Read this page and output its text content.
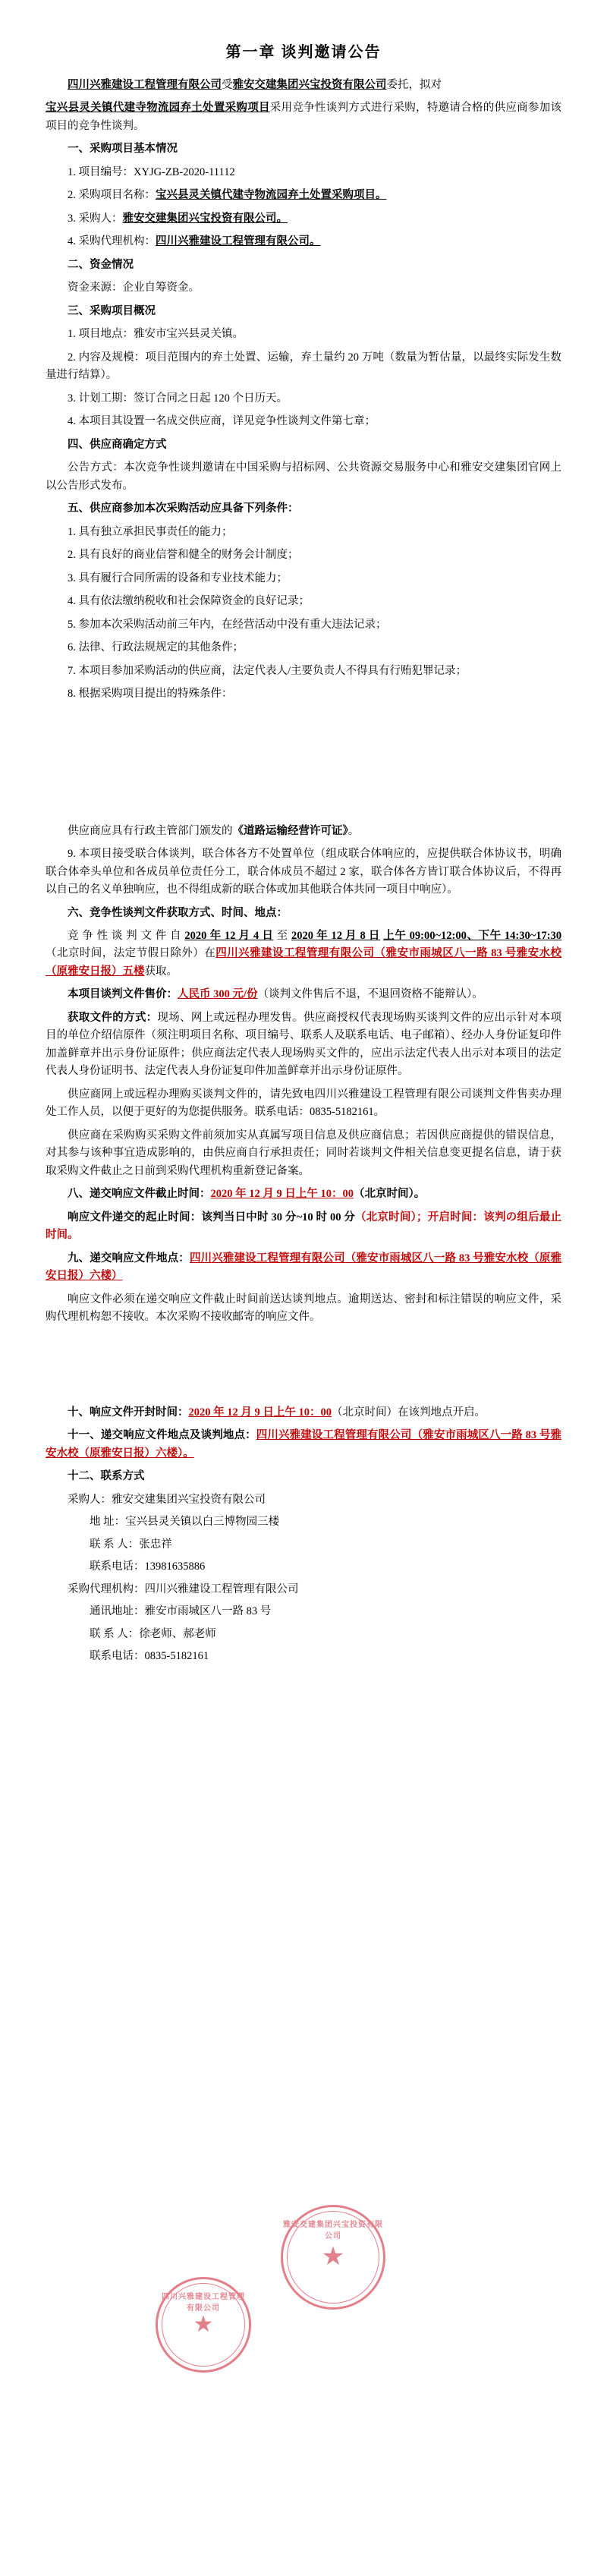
第一章 谈判邀请公告

四川兴雅建设工程管理有限公司受雅安交建集团兴宝投资有限公司委托，拟对

宝兴县灵关镇代建寺物流园弃土处置采购项目采用竞争性谈判方式进行采购，特邀请合格的供应商参加该项目的竞争性谈判。

一、采购项目基本情况

1. 项目编号：XYJG-ZB-2020-11112

2. 采购项目名称：宝兴县灵关镇代建寺物流园弃土处置采购项目。

3. 采购人：雅安交建集团兴宝投资有限公司。

4. 采购代理机构：四川兴雅建设工程管理有限公司。

二、资金情况

资金来源：企业自筹资金。

三、采购项目概况

1. 项目地点：雅安市宝兴县灵关镇。

2. 内容及规模：项目范围内的弃土处置、运输，弃土量约 20 万吨（数量为暂估量，以最终实际发生数量进行结算）。

3. 计划工期：签订合同之日起 120 个日历天。

4. 本项目其设置一名成交供应商，详见竞争性谈判文件第七章；

四、供应商确定方式

公告方式：本次竞争性谈判邀请在中国采购与招标网、公共资源交易服务中心和雅安交建集团官网上以公告形式发布。

五、供应商参加本次采购活动应具备下列条件：

1. 具有独立承担民事责任的能力；

2. 具有良好的商业信誉和健全的财务会计制度；

3. 具有履行合同所需的设备和专业技术能力；

4. 具有依法缴纳税收和社会保障资金的良好记录；

5. 参加本次采购活动前三年内，在经营活动中没有重大违法记录；

6. 法律、行政法规规定的其他条件；

7. 本项目参加采购活动的供应商，法定代表人/主要负责人不得具有行贿犯罪记录；

8. 根据采购项目提出的特殊条件：

供应商应具有行政主管部门颁发的《道路运输经营许可证》。

9. 本项目接受联合体谈判，联合体各方不处置单位（组成联合体响应的，应提供联合体协议书，明确联合体牵头单位和各成员单位责任分工，联合体成员不超过 2 家，联合体各方皆订联合体协议后，不得再以自己的名义单独响应，也不得组成新的联合体或加其他联合体共同一项目中响应）。

六、竞争性谈判文件获取方式、时间、地点：

竞 争 性 谈 判 文 件 自 2020 年 12 月 4 日 至 2020 年 12 月 8 日 上午 09:00~12:00、下午 14:30~17:30（北京时间，法定节假日除外）在四川兴雅建设工程管理有限公司（雅安市雨城区八一路 83 号雅安水校（原雅安日报）五楼获取。

本项目谈判文件售价：人民币 300 元/份（谈判文件售后不退，不退回资格不能辩认）。

获取文件的方式：现场、网上或远程办理发售。供应商授权代表现场购买谈判文件的应出示针对本项目的单位介绍信原件（须注明项目名称、项目编号、联系人及联系电话、电子邮箱）、经办人身份证复印件加盖鲜章并出示身份证原件；供应商法定代表人现场购买文件的，应出示法定代表人出示对本项目的法定代表人身份证明书、法定代表人身份证复印件加盖鲜章并出示身份证原件。

供应商网上或远程办理购买谈判文件的，请先致电四川兴雅建设工程管理有限公司谈判文件售卖办理处工作人员，以便于更好的为您提供服务。联系电话：0835-5182161。

供应商在采购购买采购文件前须加实从真属写项目信息及供应商信息；若因供应商提供的错误信息，对其参与该种事宜造成影响的，由供应商自行承担责任；同时若谈判文件相关信息变更提名信息，请于获取采购文件截止之日前到采购代理机构重新登记备案。

八、递交响应文件截止时间：2020 年 12 月 9 日上午 10：00（北京时间）。

响应文件递交的起止时间：该判当日中时 30 分~10 时 00 分（北京时间）；开启时间：该判の组后最止时间。

九、递交响应文件地点：四川兴雅建设工程管理有限公司（雅安市雨城区八一路 83 号雅安水校（原雅安日报）六楼）

响应文件必须在递交响应文件截止时间前送达谈判地点。逾期送达、密封和标注错误的响应文件，采购代理机构恕不接收。本次采购不接收邮寄的响应文件。

十、响应文件开封时间：2020 年 12 月 9 日上午 10：00（北京时间）在该判地点开启。

十一、递交响应文件地点及谈判地点：四川兴雅建设工程管理有限公司（雅安市雨城区八一路 83 号雅安水校（原雅安日报）六楼）。

十二、联系方式

采购人：雅安交建集团兴宝投资有限公司

地 址：宝兴县灵关镇以白三博物园三楼

联 系 人：张忠祥

联系电话：13981635886

采购代理机构：四川兴雅建设工程管理有限公司

通讯地址：雅安市雨城区八一路 83 号

联 系 人：徐老师、郝老师

联系电话：0835-5182161

雅安交建集团兴宝投资有限公司
★
四川兴雅建设工程管理有限公司
★
